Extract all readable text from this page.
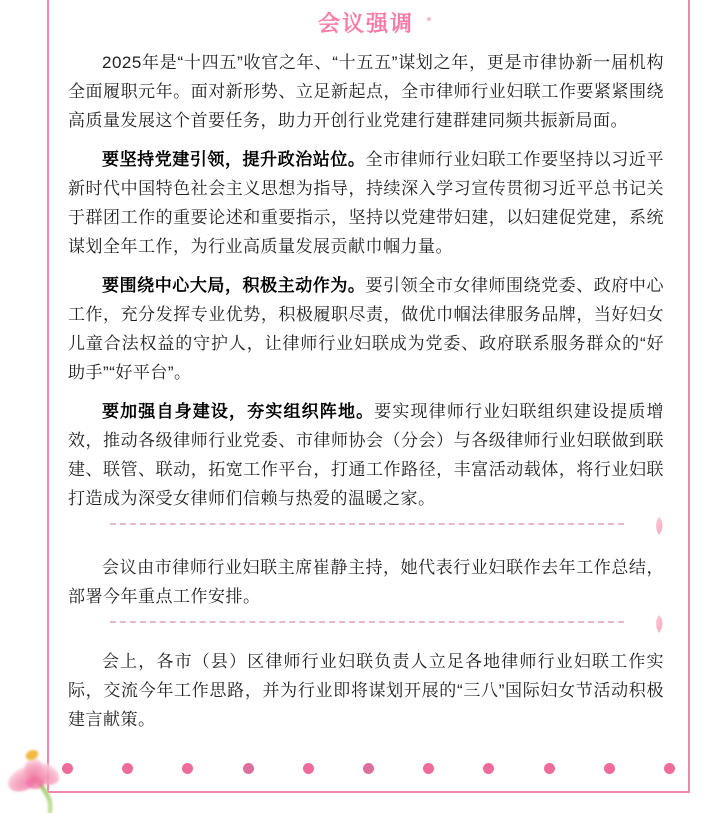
会议强调

2025年是“十四五”收官之年、“十五五”谋划之年，更是市律协新一届机构全面履职元年。面对新形势、立足新起点，全市律师行业妇联工作要紧紧围绕高质量发展这个首要任务，助力开创行业党建行建群建同频共振新局面。

要坚持党建引领，提升政治站位。全市律师行业妇联工作要坚持以习近平新时代中国特色社会主义思想为指导，持续深入学习宣传贯彻习近平总书记关于群团工作的重要论述和重要指示，坚持以党建带妇建，以妇建促党建，系统谋划全年工作，为行业高质量发展贡献巾帼力量。

要围绕中心大局，积极主动作为。要引领全市女律师围绕党委、政府中心工作，充分发挥专业优势，积极履职尽责，做优巾帼法律服务品牌，当好妇女儿童合法权益的守护人，让律师行业妇联成为党委、政府联系服务群众的“好助手”“好平台”。

要加强自身建设，夯实组织阵地。要实现律师行业妇联组织建设提质增效，推动各级律师行业党委、市律师协会（分会）与各级律师行业妇联做到联建、联管、联动，拓宽工作平台，打通工作路径，丰富活动载体，将行业妇联打造成为深受女律师们信赖与热爱的温暖之家。

会议由市律师行业妇联主席崔静主持，她代表行业妇联作去年工作总结，部署今年重点工作安排。

会上，各市（县）区律师行业妇联负责人立足各地律师行业妇联工作实际，交流今年工作思路，并为行业即将谋划开展的“三八”国际妇女节活动积极建言献策。
